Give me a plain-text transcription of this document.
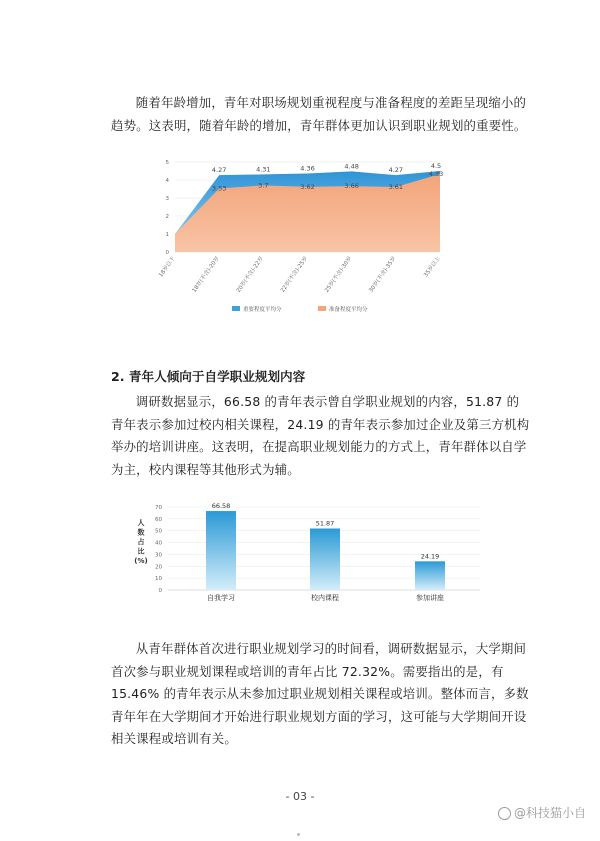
随着年龄增加，青年对职场规划重视程度与准备程度的差距呈现缩小的趋势。这表明，随着年龄的增加，青年群体更加认识到职业规划的重要性。

4.27	4.31	4.36	4.48	4.27
4.5
3.53	3.7	3.62	3.66	3.61
4.33
0
1
2
3
4
5
18岁以下	18岁(不含)-20岁	20岁(不含)-22岁	22岁(不含)-25岁	25岁(不含)-30岁	30岁(不含)-35岁	35岁以上
重要程度平均分	准备程度平均分

2. 青年人倾向于自学职业规划内容

调研数据显示，66.58 的青年表示曾自学职业规划的内容，51.87 的青年表示参加过校内相关课程，24.19 的青年表示参加过企业及第三方机构举办的培训讲座。这表明，在提高职业规划能力的方式上，青年群体以自学为主，校内课程等其他形式为辅。

66.58
51.87
24.19
0
10
20
30
40
50
60
70
自我学习	校内课程	参加讲座
人
数
占
比
(%)

从青年群体首次进行职业规划学习的时间看，调研数据显示，大学期间首次参与职业规划课程或培训的青年占比 72.32%。需要指出的是，有 15.46% 的青年表示从未参加过职业规划相关课程或培训。整体而言，多数青年年在大学期间才开始进行职业规划方面的学习，这可能与大学期间开设相关课程或培训有关。

- 03 -
@科技猫小自
